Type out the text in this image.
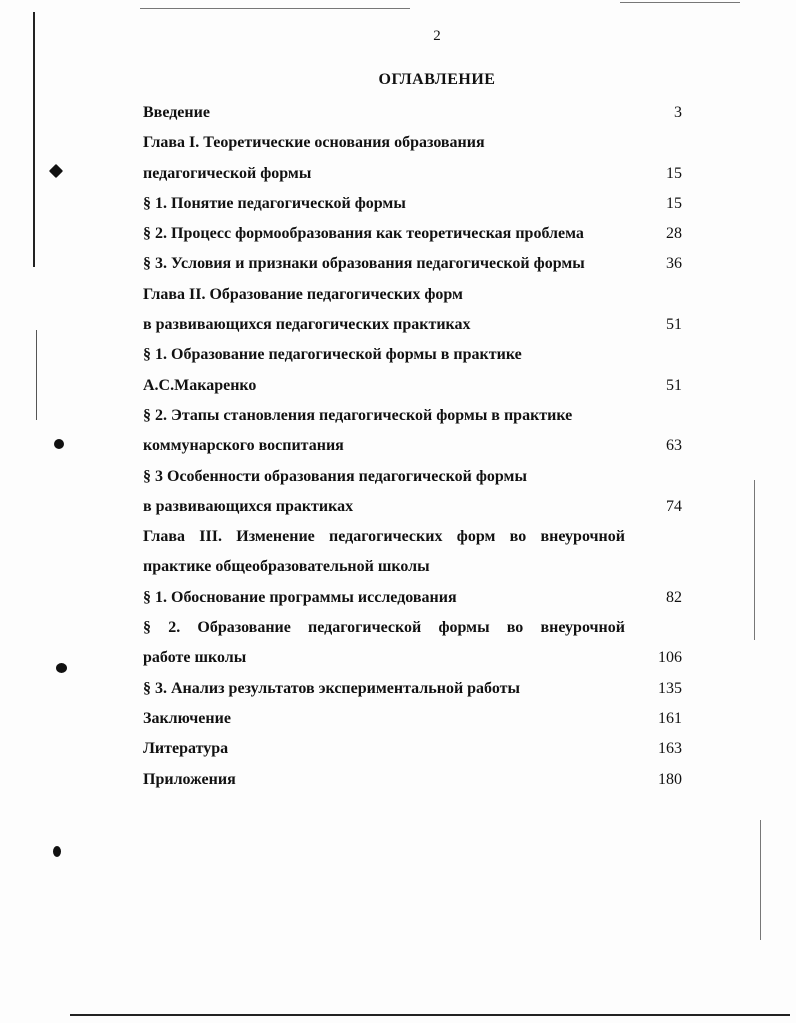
2
ОГЛАВЛЕНИЕ
Введение	3
Глава I. Теоретические основания образования
педагогической формы	15
§ 1. Понятие педагогической формы	15
§ 2. Процесс формообразования как теоретическая проблема	28
§ 3. Условия и признаки образования педагогической формы	36
Глава II. Образование педагогических форм
в развивающихся педагогических практиках	51
§ 1. Образование педагогической формы в практике
А.С.Макаренко	51
§ 2. Этапы становления педагогической формы в практике
коммунарского воспитания	63
§ 3 Особенности образования педагогической формы
в развивающихся практиках	74
Глава III. Изменение педагогических форм во внеурочной
практике общеобразовательной школы
§ 1. Обоснование программы исследования	82
§ 2. Образование педагогической формы во внеурочной
работе школы	106
§ 3. Анализ результатов экспериментальной работы	135
Заключение	161
Литература	163
Приложения	180
